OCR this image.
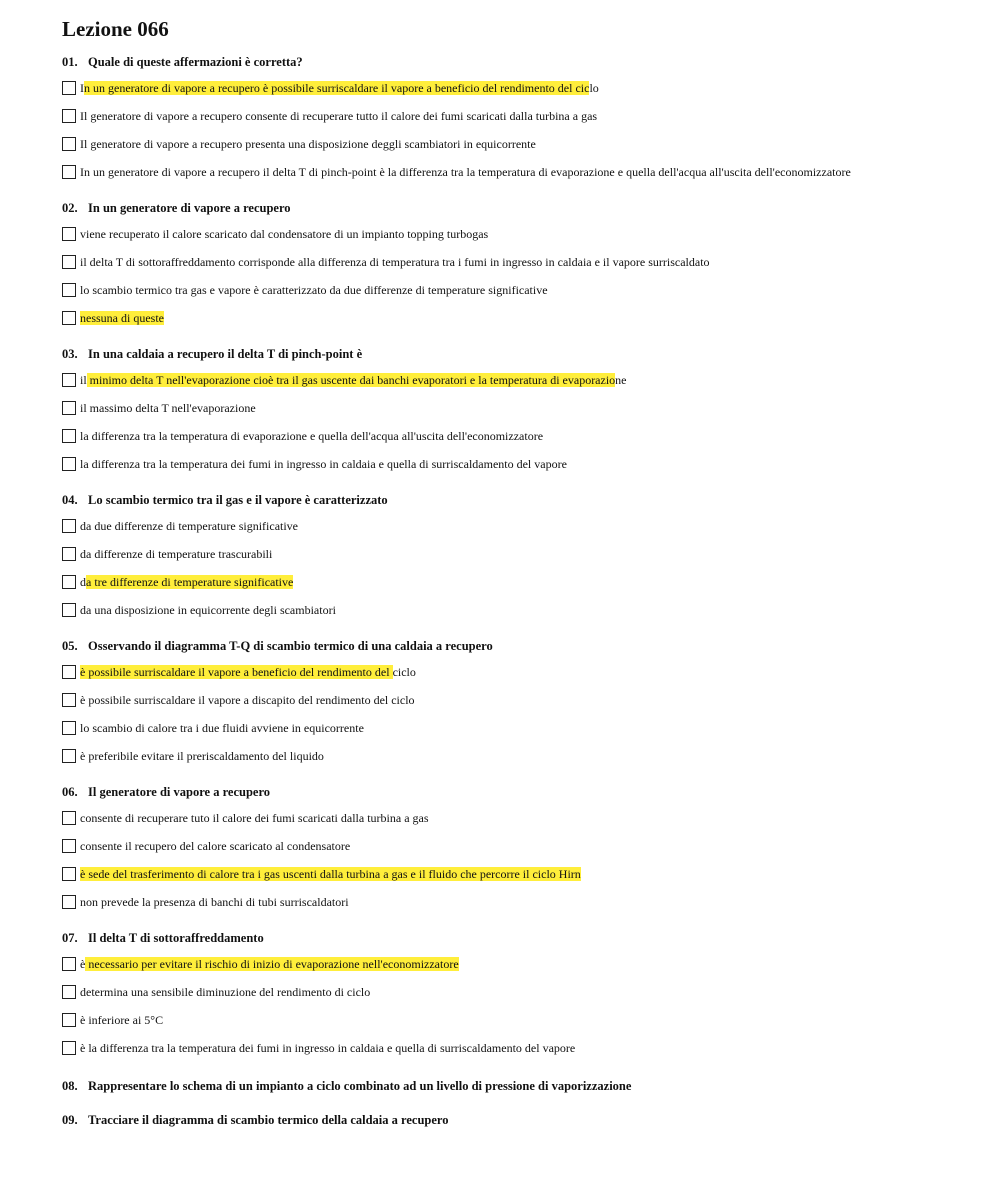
Lezione 066
01. Quale di queste affermazioni è corretta?
In un generatore di vapore a recupero è possibile surriscaldare il vapore a beneficio del rendimento del ciclo
Il generatore di vapore a recupero consente di recuperare tutto il calore dei fumi scaricati dalla turbina a gas
Il generatore di vapore a recupero presenta una disposizione deggli scambiatori in equicorrente
In un generatore di vapore a recupero il delta T di pinch-point è la differenza tra la temperatura di evaporazione e quella dell'acqua all'uscita dell'economizzatore
02. In un generatore di vapore a recupero
viene recuperato il calore scaricato dal condensatore di un impianto topping turbogas
il delta T di sottoraffreddamento corrisponde alla differenza di temperatura tra i fumi in ingresso in caldaia e il vapore surriscaldato
lo scambio termico tra gas e vapore è caratterizzato da due differenze di temperature significative
nessuna di queste
03. In una caldaia a recupero il delta T di pinch-point è
il minimo delta T nell'evaporazione cioè tra il gas uscente dai banchi evaporatori e la temperatura di evaporazione
il massimo delta T nell'evaporazione
la differenza tra la temperatura di evaporazione e quella dell'acqua all'uscita dell'economizzatore
la differenza tra la temperatura dei fumi in ingresso in caldaia e quella di surriscaldamento del vapore
04. Lo scambio termico tra il gas e il vapore è caratterizzato
da due differenze di temperature significative
da differenze di temperature trascurabili
da tre differenze di temperature significative
da una disposizione in equicorrente degli scambiatori
05. Osservando il diagramma T-Q di scambio termico di una caldaia a recupero
è possibile surriscaldare il vapore a beneficio del rendimento del ciclo
è possibile surriscaldare il vapore a discapito del rendimento del ciclo
lo scambio di calore tra i due fluidi avviene in equicorrente
è preferibile evitare il preriscaldamento del liquido
06. Il generatore di vapore a recupero
consente di recuperare tuto il calore dei fumi scaricati dalla turbina a gas
consente il recupero del calore scaricato al condensatore
è sede del trasferimento di calore tra i gas uscenti dalla turbina a gas e il fluido che percorre il ciclo Hirn
non prevede la presenza di banchi di tubi surriscaldatori
07. Il delta T di sottoraffreddamento
è necessario per evitare il rischio di inizio di evaporazione nell'economizzatore
determina una sensibile diminuzione del rendimento di ciclo
è inferiore ai 5°C
è la differenza tra la temperatura dei fumi in ingresso in caldaia e quella di surriscaldamento del vapore
08. Rappresentare lo schema di un impianto a ciclo combinato ad un livello di pressione di vaporizzazione
09. Tracciare il diagramma di scambio termico della caldaia a recupero
